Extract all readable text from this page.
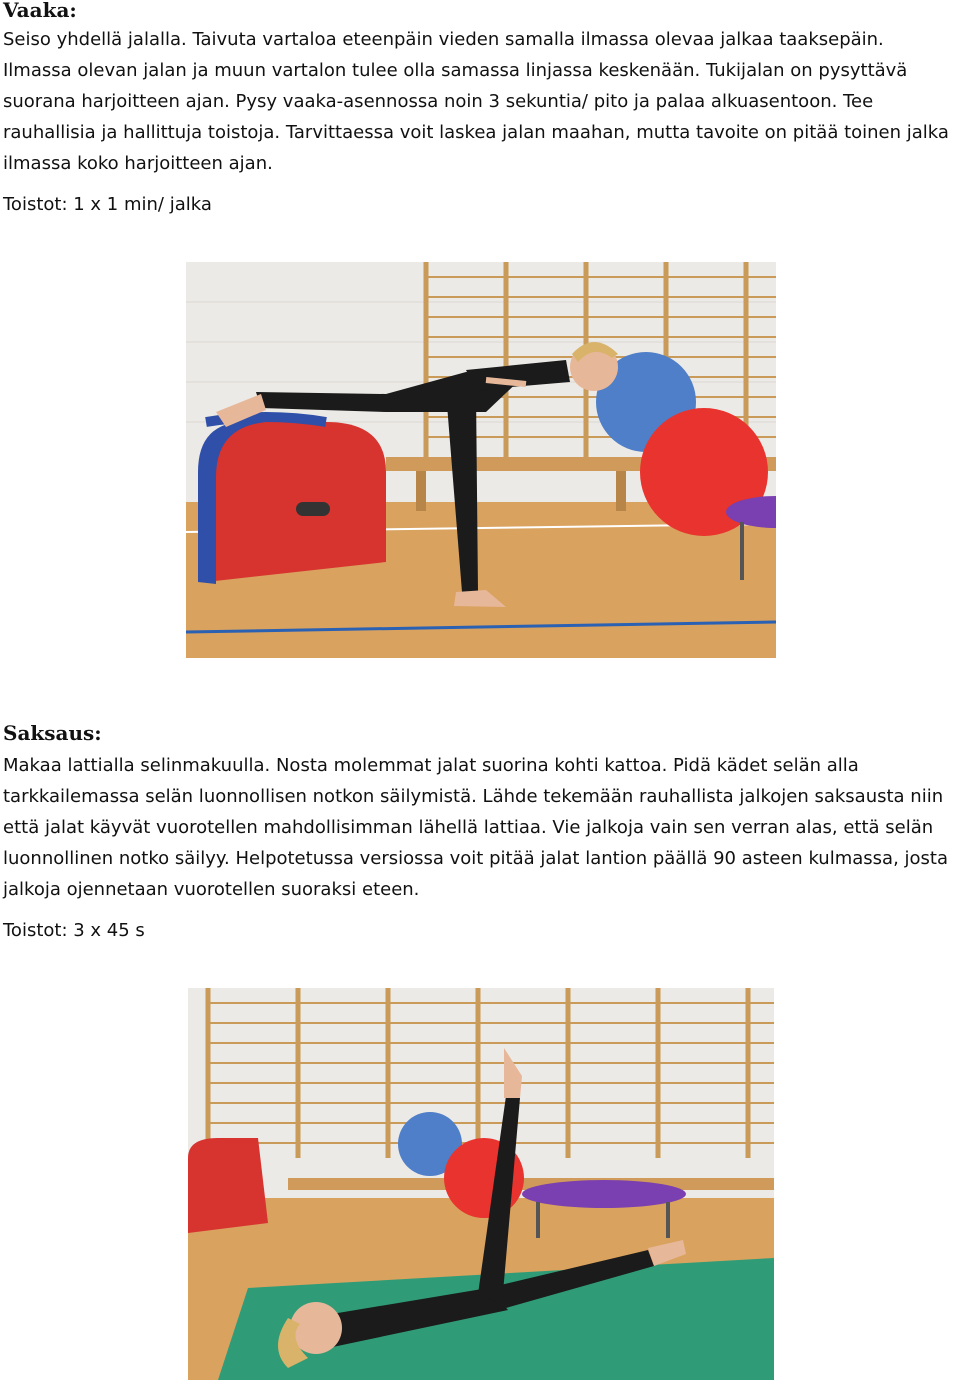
Vaaka:

Seiso yhdellä jalalla. Taivuta vartaloa eteenpäin vieden samalla ilmassa olevaa jalkaa taaksepäin. Ilmassa olevan jalan ja muun vartalon tulee olla samassa linjassa keskenään. Tukijalan on pysyttävä suorana harjoitteen ajan. Pysy vaaka-asennossa noin 3 sekuntia/ pito ja palaa alkuasentoon. Tee rauhallisia ja hallittuja toistoja. Tarvittaessa voit laskea jalan maahan, mutta tavoite on pitää toinen jalka ilmassa koko harjoitteen ajan.

Toistot: 1 x 1 min/ jalka

Saksaus:

Makaa lattialla selinmakuulla. Nosta molemmat jalat suorina kohti kattoa. Pidä kädet selän alla tarkkailemassa selän luonnollisen notkon säilymistä. Lähde tekemään rauhallista jalkojen saksausta niin että jalat käyvät vuorotellen mahdollisimman lähellä lattiaa. Vie jalkoja vain sen verran alas, että selän luonnollinen notko säilyy. Helpotetussa versiossa voit pitää jalat lantion päällä 90 asteen kulmassa, josta jalkoja ojennetaan vuorotellen suoraksi eteen.

Toistot: 3 x 45 s
